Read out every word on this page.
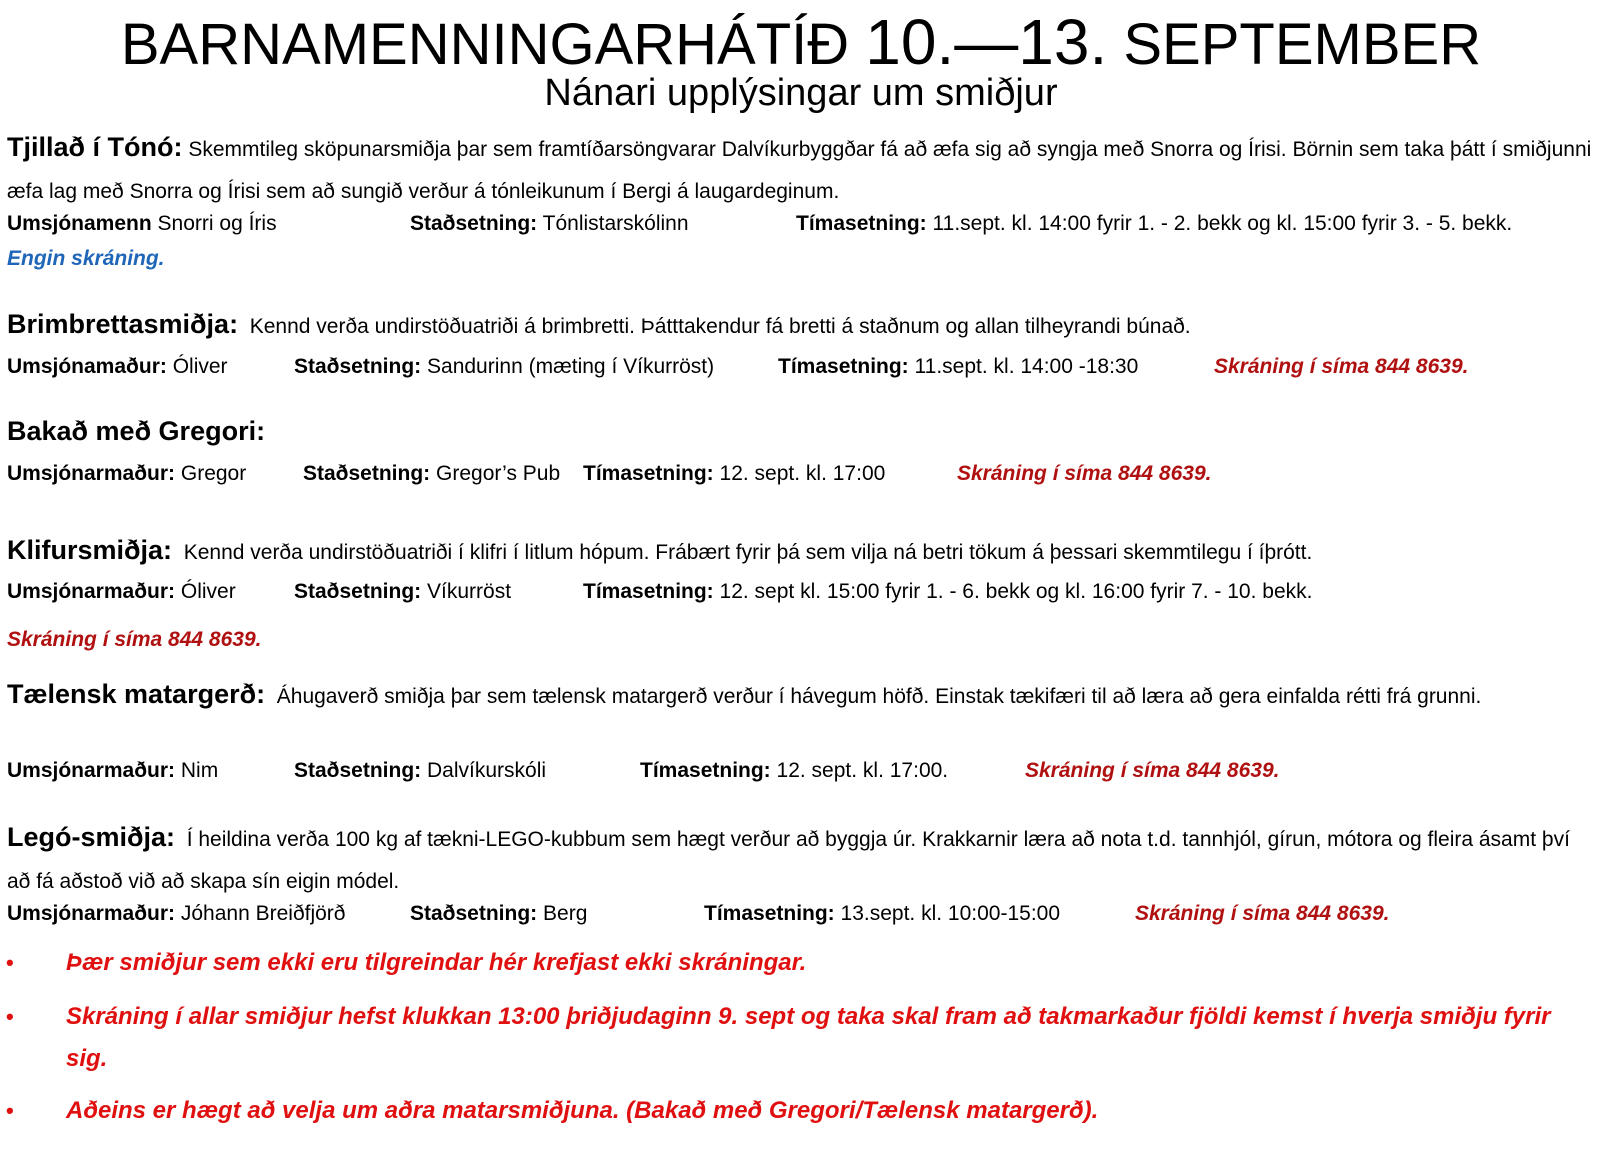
BARNAMENNINGARHÁTÍÐ 10.—13. SEPTEMBER
Nánari upplýsingar um smiðjur
Tjillað í Tónó: Skemmtileg sköpunarsmiðja þar sem framtíðarsöngvarar Dalvíkurbyggðar fá að æfa sig að syngja með Snorra og Írisi. Börnin sem taka þátt í smiðjunni æfa lag með Snorra og Írisi sem að sungið verður á tónleikunum í Bergi á laugardeginum.
Umsjónamenn Snorri og Íris	Staðsetning: Tónlistarskólinn	Tímasetning: 11.sept. kl. 14:00 fyrir 1. - 2. bekk og kl. 15:00 fyrir 3. - 5. bekk.
Engin skráning.
Brimbrettasmiðja: Kennd verða undirstöðuatriði á brimbretti. Þátttakendur fá bretti á staðnum og allan tilheyrandi búnað.
Umsjónamaður: Óliver	Staðsetning: Sandurinn (mæting í Víkurröst)	Tímasetning: 11.sept. kl. 14:00 -18:30	Skráning í síma 844 8639.
Bakað með Gregori:
Umsjónarmaður: Gregor	Staðsetning: Gregor’s Pub Tímasetning: 12. sept. kl. 17:00	Skráning í síma 844 8639.
Klifursmiðja: Kennd verða undirstöðuatriði í klifri í litlum hópum. Frábært fyrir þá sem vilja ná betri tökum á þessari skemmtilegu í íþrótt.
Umsjónarmaður: Óliver	Staðsetning: Víkurröst	Tímasetning: 12. sept kl. 15:00 fyrir 1. - 6. bekk og kl. 16:00 fyrir 7. - 10. bekk.
Skráning í síma 844 8639.
Tælensk matargerð: Áhugaverð smiðja þar sem tælensk matargerð verður í hávegum höfð. Einstak tækifæri til að læra að gera einfalda rétti frá grunni.
Umsjónarmaður: Nim	Staðsetning: Dalvíkurskóli	Tímasetning: 12. sept. kl. 17:00.	Skráning í síma 844 8639.
Legó-smiðja: Í heildina verða 100 kg af tækni-LEGO-kubbum sem hægt verður að byggja úr. Krakkarnir læra að nota t.d. tannhjól, gírun, mótora og fleira ásamt því að fá aðstoð við að skapa sín eigin módel.
Umsjónarmaður: Jóhann Breiðfjörð	Staðsetning: Berg	Tímasetning: 13.sept. kl. 10:00-15:00	Skráning í síma 844 8639.
• Þær smiðjur sem ekki eru tilgreindar hér krefjast ekki skráningar.
• Skráning í allar smiðjur hefst klukkan 13:00 þriðjudaginn 9. sept og taka skal fram að takmarkaður fjöldi kemst í hverja smiðju fyrir sig.
• Aðeins er hægt að velja um aðra matarsmiðjuna. (Bakað með Gregori/Tælensk matargerð).
